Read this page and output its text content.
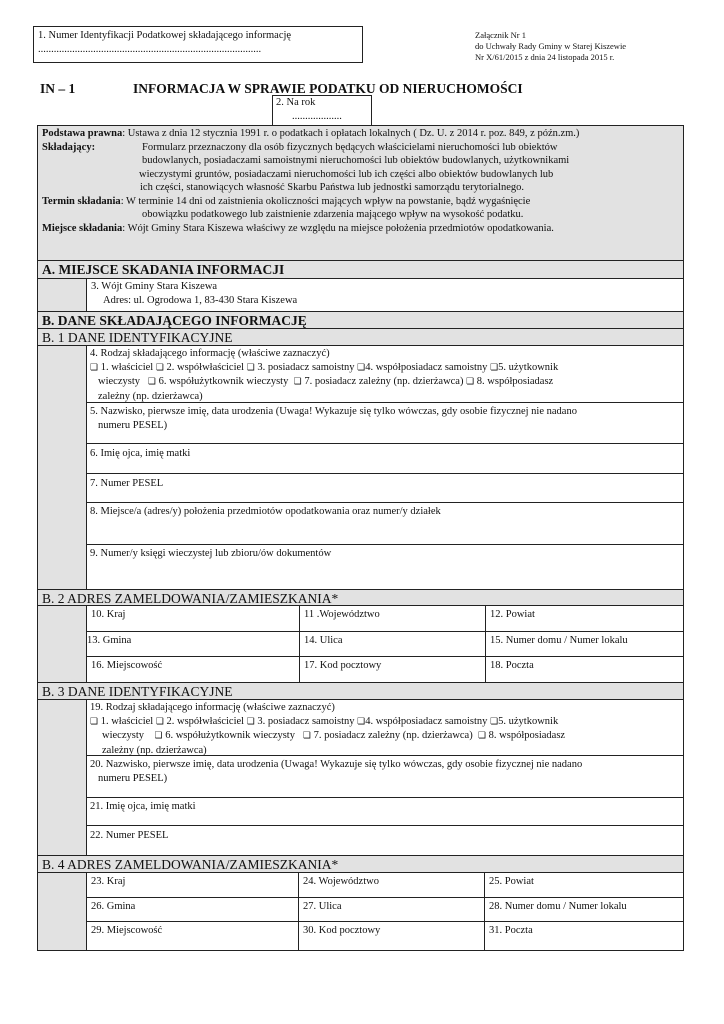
1. Numer Identyfikacji Podatkowej składającego informację
.....................................................................................
Załącznik Nr 1
do Uchwały Rady Gminy w Starej Kiszewie
Nr X/61/2015 z dnia 24 listopada 2015 r.
IN – 1	INFORMACJA W SPRAWIE PODATKU OD NIERUCHOMOŚCI
2. Na rok
...................
Podstawa prawna: Ustawa z dnia 12 stycznia 1991 r. o podatkach i opłatach lokalnych ( Dz. U. z 2014 r. poz. 849, z późn.zm.)
Składający:	Formularz przeznaczony dla osób fizycznych będących właścicielami nieruchomości lub obiektów
budowlanych, posiadaczami samoistnymi nieruchomości lub obiektów budowlanych, użytkownikami
wieczystymi gruntów, posiadaczami nieruchomości lub ich części albo obiektów budowlanych lub
ich części, stanowiących własność Skarbu Państwa lub jednostki samorządu terytorialnego.
Termin składania: W terminie 14 dni od zaistnienia okoliczności mających wpływ na powstanie, bądź wygaśnięcie
obowiązku podatkowego lub zaistnienie zdarzenia mającego wpływ na wysokość podatku.
Miejsce składania: Wójt Gminy Stara Kiszewa właściwy ze względu na miejsce położenia przedmiotów opodatkowania.
A. MIEJSCE SKADANIA INFORMACJI
3. Wójt Gminy Stara Kiszewa
Adres: ul. Ogrodowa 1, 83-430 Stara Kiszewa
B. DANE SKŁADAJĄCEGO INFORMACJĘ
B. 1 DANE IDENTYFIKACYJNE
4. Rodzaj składającego informację (właściwe zaznaczyć)
❏ 1. właściciel ❏ 2. współwłaściciel ❏ 3. posiadacz samoistny ❏4. współposiadacz samoistny ❏5. użytkownik
wieczysty ❏ 6. współużytkownik wieczysty ❏ 7. posiadacz zależny (np. dzierżawca) ❏ 8. współposiadasz
zależny (np. dzierżawca)
5. Nazwisko, pierwsze imię, data urodzenia (Uwaga! Wykazuje się tylko wówczas, gdy osobie fizycznej nie nadano
numeru PESEL)
6. Imię ojca, imię matki
7. Numer PESEL
8. Miejsce/a (adres/y) położenia przedmiotów opodatkowania oraz numer/y działek
9. Numer/y księgi wieczystej lub zbioru/ów dokumentów
B. 2 ADRES ZAMELDOWANIA/ZAMIESZKANIA*
10. Kraj	11 .Województwo	12. Powiat
13. Gmina	14. Ulica	15. Numer domu / Numer lokalu
16. Miejscowość	17. Kod pocztowy	18. Poczta
B. 3 DANE IDENTYFIKACYJNE
19. Rodzaj składającego informację (właściwe zaznaczyć)
❏ 1. właściciel ❏ 2. współwłaściciel ❏ 3. posiadacz samoistny ❏4. współposiadacz samoistny ❏5. użytkownik
wieczysty ❏ 6. współużytkownik wieczysty ❏ 7. posiadacz zależny (np. dzierżawca) ❏ 8. współposiadasz
zależny (np. dzierżawca)
20. Nazwisko, pierwsze imię, data urodzenia (Uwaga! Wykazuje się tylko wówczas, gdy osobie fizycznej nie nadano
numeru PESEL)
21. Imię ojca, imię matki
22. Numer PESEL
B. 4 ADRES ZAMELDOWANIA/ZAMIESZKANIA*
23. Kraj	24. Województwo	25. Powiat
26. Gmina	27. Ulica	28. Numer domu / Numer lokalu
29. Miejscowość	30. Kod pocztowy	31. Poczta
